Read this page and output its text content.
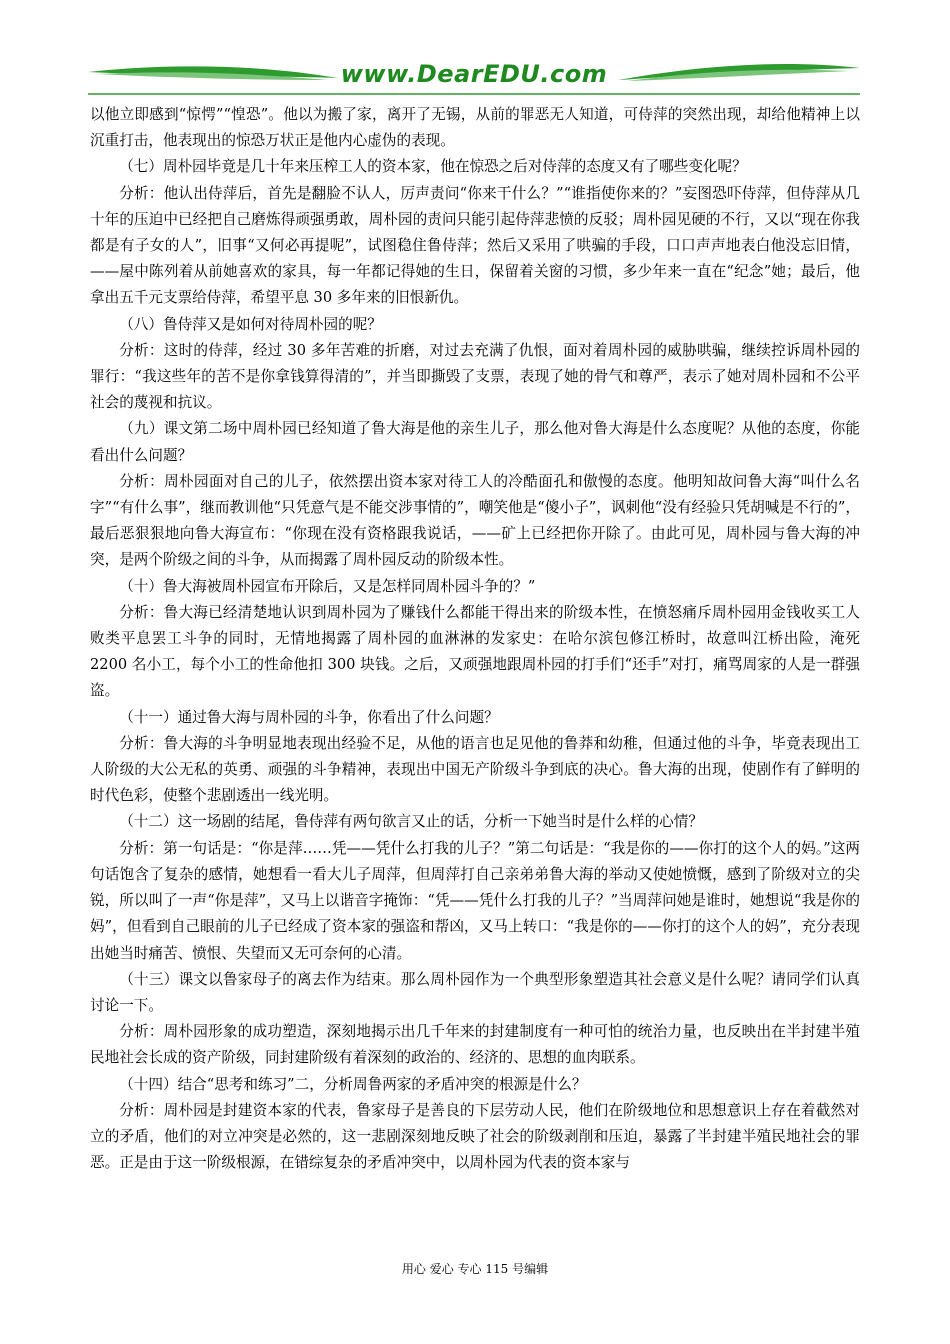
www.DearEDU.com

以他立即感到“惊愕”“惶恐”。他以为搬了家，离开了无锡，从前的罪恶无人知道，可侍萍的突然出现，却给他精神上以沉重打击，他表现出的惊恐万状正是他内心虚伪的表现。

（七）周朴园毕竟是几十年来压榨工人的资本家，他在惊恐之后对侍萍的态度又有了哪些变化呢？

分析：他认出侍萍后，首先是翻脸不认人，厉声责问“你来干什么？”“谁指使你来的？”妄图恐吓侍萍，但侍萍从几十年的压迫中已经把自己磨炼得顽强勇敢，周朴园的责问只能引起侍萍悲愤的反驳；周朴园见硬的不行，又以“现在你我都是有子女的人”，旧事“又何必再提呢”，试图稳住鲁侍萍；然后又采用了哄骗的手段，口口声声地表白他没忘旧情，——屋中陈列着从前她喜欢的家具，每一年都记得她的生日，保留着关窗的习惯，多少年来一直在“纪念”她；最后，他拿出五千元支票给侍萍，希望平息 30 多年来的旧恨新仇。

（八）鲁侍萍又是如何对待周朴园的呢？

分析：这时的侍萍，经过 30 多年苦难的折磨，对过去充满了仇恨，面对着周朴园的威胁哄骗，继续控诉周朴园的罪行：“我这些年的苦不是你拿钱算得清的”，并当即撕毁了支票，表现了她的骨气和尊严，表示了她对周朴园和不公平社会的蔑视和抗议。

（九）课文第二场中周朴园已经知道了鲁大海是他的亲生儿子，那么他对鲁大海是什么态度呢？从他的态度，你能看出什么问题？

分析：周朴园面对自己的儿子，依然摆出资本家对待工人的冷酷面孔和傲慢的态度。他明知故问鲁大海“叫什么名字”“有什么事”，继而教训他“只凭意气是不能交涉事情的”，嘲笑他是“傻小子”，讽刺他“没有经验只凭胡喊是不行的”，最后恶狠狠地向鲁大海宣布：“你现在没有资格跟我说话，——矿上已经把你开除了。由此可见，周朴园与鲁大海的冲突，是两个阶级之间的斗争，从而揭露了周朴园反动的阶级本性。

（十）鲁大海被周朴园宣布开除后，又是怎样同周朴园斗争的？”

分析：鲁大海已经清楚地认识到周朴园为了赚钱什么都能干得出来的阶级本性，在愤怒痛斥周朴园用金钱收买工人败类平息罢工斗争的同时，无情地揭露了周朴园的血淋淋的发家史：在哈尔滨包修江桥时，故意叫江桥出险，淹死 2200 名小工，每个小工的性命他扣 300 块钱。之后，又顽强地跟周朴园的打手们“还手”对打，痛骂周家的人是一群强盗。

（十一）通过鲁大海与周朴园的斗争，你看出了什么问题？

分析：鲁大海的斗争明显地表现出经验不足，从他的语言也足见他的鲁莽和幼稚，但通过他的斗争，毕竟表现出工人阶级的大公无私的英勇、顽强的斗争精神，表现出中国无产阶级斗争到底的决心。鲁大海的出现，使剧作有了鲜明的时代色彩，使整个悲剧透出一线光明。

（十二）这一场剧的结尾，鲁侍萍有两句欲言又止的话，分析一下她当时是什么样的心情？

分析：第一句话是：“你是萍……凭——凭什么打我的儿子？”第二句话是：“我是你的——你打的这个人的妈。”这两句话饱含了复杂的感情，她想看一看大儿子周萍，但周萍打自己亲弟弟鲁大海的举动又使她愤慨，感到了阶级对立的尖锐，所以叫了一声“你是萍”，又马上以谐音字掩饰：“凭——凭什么打我的儿子？”当周萍问她是谁时，她想说“我是你的妈”，但看到自己眼前的儿子已经成了资本家的强盗和帮凶，又马上转口：“我是你的——你打的这个人的妈”，充分表现出她当时痛苦、愤恨、失望而又无可奈何的心清。

（十三）课文以鲁家母子的离去作为结束。那么周朴园作为一个典型形象塑造其社会意义是什么呢？请同学们认真讨论一下。

分析：周朴园形象的成功塑造，深刻地揭示出几千年来的封建制度有一种可怕的统治力量，也反映出在半封建半殖民地社会长成的资产阶级，同封建阶级有着深刻的政治的、经济的、思想的血肉联系。

（十四）结合“思考和练习”二，分析周鲁两家的矛盾冲突的根源是什么？

分析：周朴园是封建资本家的代表，鲁家母子是善良的下层劳动人民，他们在阶级地位和思想意识上存在着截然对立的矛盾，他们的对立冲突是必然的，这一悲剧深刻地反映了社会的阶级剥削和压迫，暴露了半封建半殖民地社会的罪恶。正是由于这一阶级根源，在错综复杂的矛盾冲突中，以周朴园为代表的资本家与

用心 爱心 专心 115 号编辑
